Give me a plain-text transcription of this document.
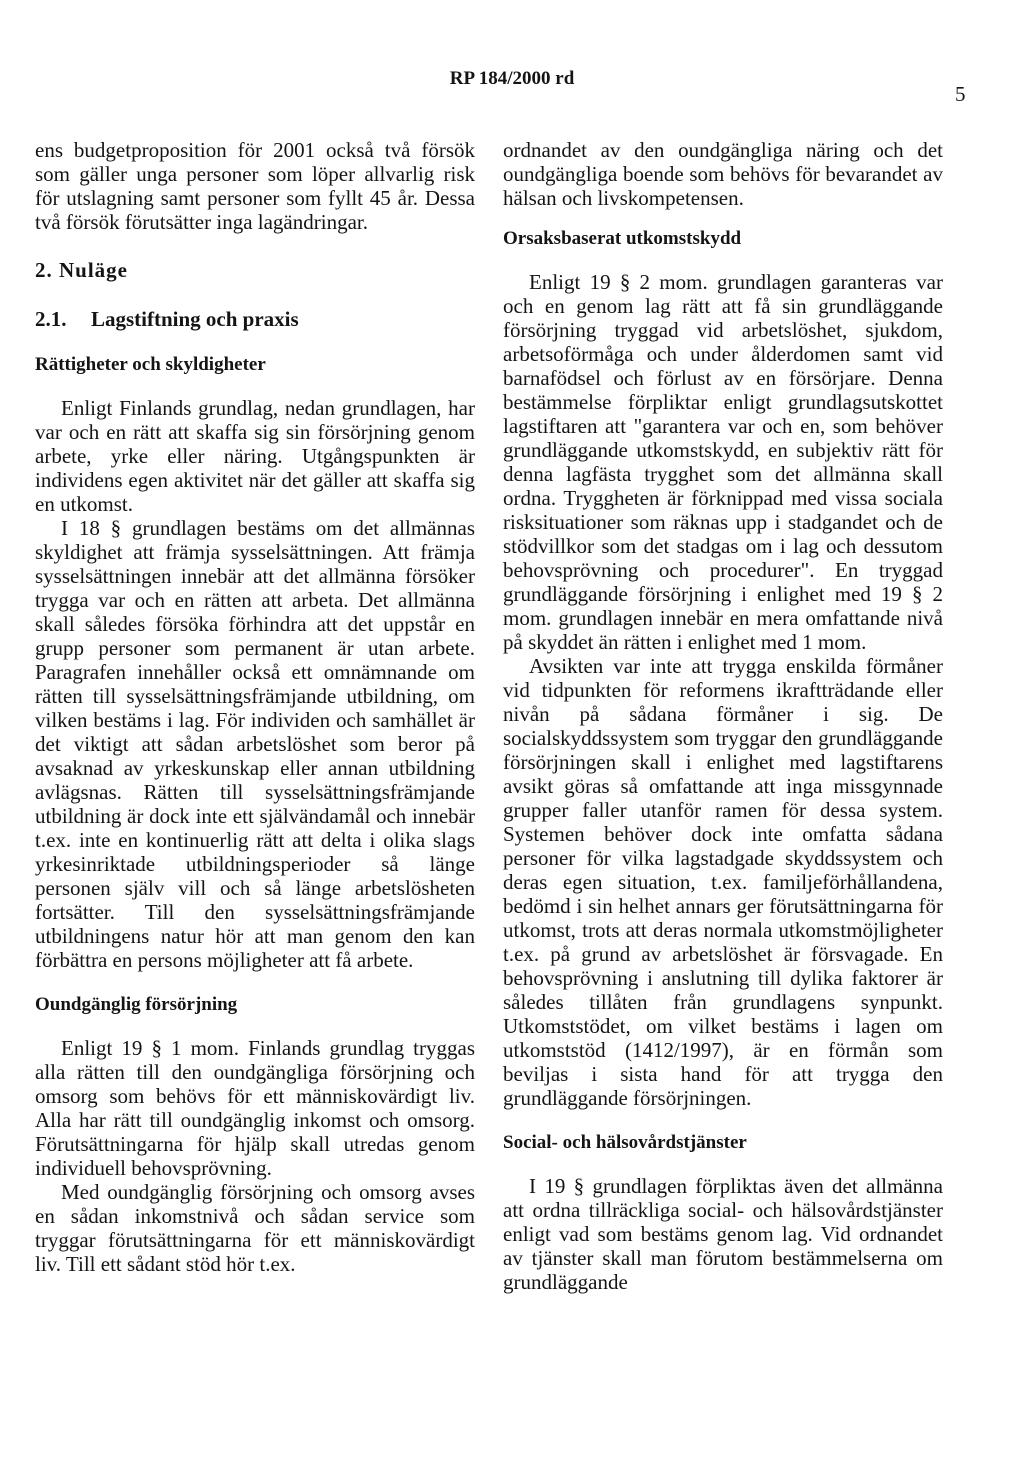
RP 184/2000 rd
5

ens budgetproposition för 2001 också två försök som gäller unga personer som löper allvarlig risk för utslagning samt personer som fyllt 45 år. Dessa två försök förutsätter inga lagändringar.

2. Nuläge
2.1. Lagstiftning och praxis
Rättigheter och skyldigheter

Enligt Finlands grundlag, nedan grundlagen, har var och en rätt att skaffa sig sin försörjning genom arbete, yrke eller näring. Utgångspunkten är individens egen aktivitet när det gäller att skaffa sig en utkomst.

I 18 § grundlagen bestäms om det allmännas skyldighet att främja sysselsättningen. Att främja sysselsättningen innebär att det allmänna försöker trygga var och en rätten att arbeta. Det allmänna skall således försöka förhindra att det uppstår en grupp personer som permanent är utan arbete. Paragrafen innehåller också ett omnämnande om rätten till sysselsättningsfrämjande utbildning, om vilken bestäms i lag. För individen och samhället är det viktigt att sådan arbetslöshet som beror på avsaknad av yrkeskunskap eller annan utbildning avlägsnas. Rätten till sysselsättningsfrämjande utbildning är dock inte ett självändamål och innebär t.ex. inte en kontinuerlig rätt att delta i olika slags yrkesinriktade utbildningsperioder så länge personen själv vill och så länge arbetslösheten fortsätter. Till den sysselsättningsfrämjande utbildningens natur hör att man genom den kan förbättra en persons möjligheter att få arbete.

Oundgänglig försörjning

Enligt 19 § 1 mom. Finlands grundlag tryggas alla rätten till den oundgängliga försörjning och omsorg som behövs för ett människovärdigt liv. Alla har rätt till oundgänglig inkomst och omsorg. Förutsättningarna för hjälp skall utredas genom individuell behovsprövning.

Med oundgänglig försörjning och omsorg avses en sådan inkomstnivå och sådan service som tryggar förutsättningarna för ett människovärdigt liv. Till ett sådant stöd hör t.ex.

ordnandet av den oundgängliga näring och det oundgängliga boende som behövs för bevarandet av hälsan och livskompetensen.

Orsaksbaserat utkomstskydd

Enligt 19 § 2 mom. grundlagen garanteras var och en genom lag rätt att få sin grundläggande försörjning tryggad vid arbetslöshet, sjukdom, arbetsoförmåga och under ålderdomen samt vid barnafödsel och förlust av en försörjare. Denna bestämmelse förpliktar enligt grundlagsutskottet lagstiftaren att "garantera var och en, som behöver grundläggande utkomstskydd, en subjektiv rätt för denna lagfästa trygghet som det allmänna skall ordna. Tryggheten är förknippad med vissa sociala risksituationer som räknas upp i stadgandet och de stödvillkor som det stadgas om i lag och dessutom behovsprövning och procedurer". En tryggad grundläggande försörjning i enlighet med 19 § 2 mom. grundlagen innebär en mera omfattande nivå på skyddet än rätten i enlighet med 1 mom.

Avsikten var inte att trygga enskilda förmåner vid tidpunkten för reformens ikraftträdande eller nivån på sådana förmåner i sig. De socialskyddssystem som tryggar den grundläggande försörjningen skall i enlighet med lagstiftarens avsikt göras så omfattande att inga missgynnade grupper faller utanför ramen för dessa system. Systemen behöver dock inte omfatta sådana personer för vilka lagstadgade skyddssystem och deras egen situation, t.ex. familjeförhållandena, bedömd i sin helhet annars ger förutsättningarna för utkomst, trots att deras normala utkomstmöjligheter t.ex. på grund av arbetslöshet är försvagade. En behovsprövning i anslutning till dylika faktorer är således tillåten från grundlagens synpunkt. Utkomststödet, om vilket bestäms i lagen om utkomststöd (1412/1997), är en förmån som beviljas i sista hand för att trygga den grundläggande försörjningen.

Social- och hälsovårdstjänster

I 19 § grundlagen förpliktas även det allmänna att ordna tillräckliga social- och hälsovårdstjänster enligt vad som bestäms genom lag. Vid ordnandet av tjänster skall man förutom bestämmelserna om grundläggande
